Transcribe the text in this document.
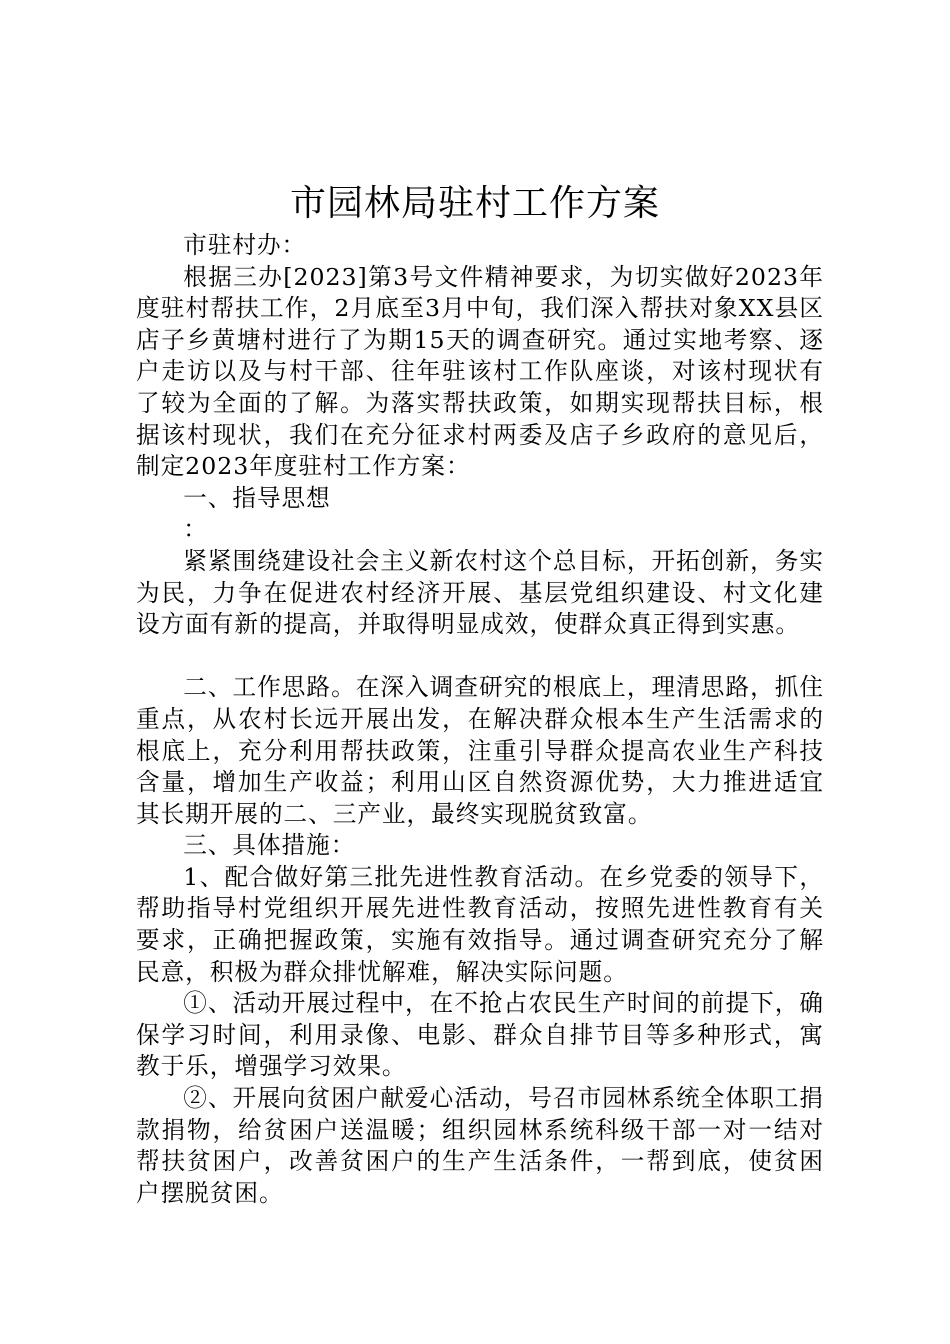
市园林局驻村工作方案

市驻村办：

根据三办[2023]第3号文件精神要求，为切实做好2023年度驻村帮扶工作，2月底至3月中旬，我们深入帮扶对象XX县区店子乡黄塘村进行了为期15天的调查研究。通过实地考察、逐户走访以及与村干部、往年驻该村工作队座谈，对该村现状有了较为全面的了解。为落实帮扶政策，如期实现帮扶目标，根据该村现状，我们在充分征求村两委及店子乡政府的意见后，制定2023年度驻村工作方案：

一、指导思想

：

紧紧围绕建设社会主义新农村这个总目标，开拓创新，务实为民，力争在促进农村经济开展、基层党组织建设、村文化建设方面有新的提高，并取得明显成效，使群众真正得到实惠。

二、工作思路。在深入调查研究的根底上，理清思路，抓住重点，从农村长远开展出发，在解决群众根本生产生活需求的根底上，充分利用帮扶政策，注重引导群众提高农业生产科技含量，增加生产收益；利用山区自然资源优势，大力推进适宜其长期开展的二、三产业，最终实现脱贫致富。

三、具体措施：

1、配合做好第三批先进性教育活动。在乡党委的领导下，帮助指导村党组织开展先进性教育活动，按照先进性教育有关要求，正确把握政策，实施有效指导。通过调查研究充分了解民意，积极为群众排忧解难，解决实际问题。

①、活动开展过程中，在不抢占农民生产时间的前提下，确保学习时间，利用录像、电影、群众自排节目等多种形式，寓教于乐，增强学习效果。

②、开展向贫困户献爱心活动，号召市园林系统全体职工捐款捐物，给贫困户送温暖；组织园林系统科级干部一对一结对帮扶贫困户，改善贫困户的生产生活条件，一帮到底，使贫困户摆脱贫困。
